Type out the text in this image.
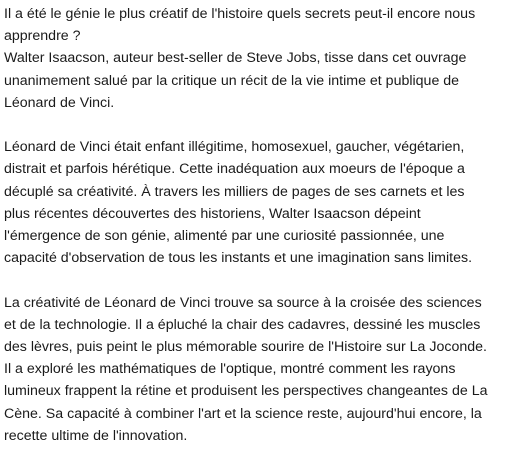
Il a été le génie le plus créatif de l'histoire quels secrets peut-il encore nous
apprendre ?
Walter Isaacson, auteur best-seller de Steve Jobs, tisse dans cet ouvrage
unanimement salué par la critique un récit de la vie intime et publique de
Léonard de Vinci.

Léonard de Vinci était enfant illégitime, homosexuel, gaucher, végétarien,
distrait et parfois hérétique. Cette inadéquation aux moeurs de l'époque a
décuplé sa créativité. À travers les milliers de pages de ses carnets et les
plus récentes découvertes des historiens, Walter Isaacson dépeint
l'émergence de son génie, alimenté par une curiosité passionnée, une
capacité d'observation de tous les instants et une imagination sans limites.

La créativité de Léonard de Vinci trouve sa source à la croisée des sciences
et de la technologie. Il a épluché la chair des cadavres, dessiné les muscles
des lèvres, puis peint le plus mémorable sourire de l'Histoire sur La Joconde.
Il a exploré les mathématiques de l'optique, montré comment les rayons
lumineux frappent la rétine et produisent les perspectives changeantes de La
Cène. Sa capacité à combiner l'art et la science reste, aujourd'hui encore, la
recette ultime de l'innovation.
